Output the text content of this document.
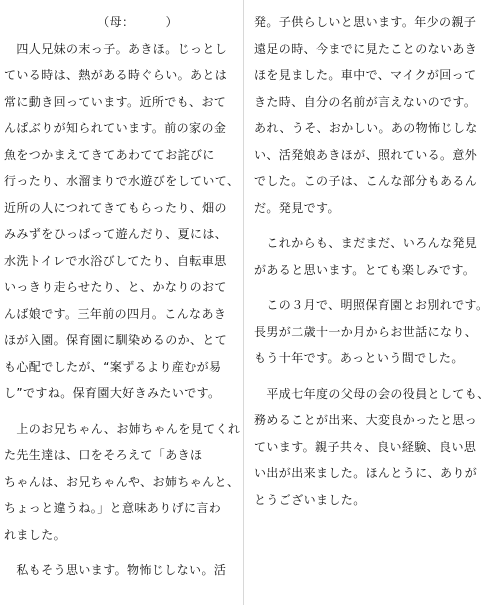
　　　　　　　　（母：　　　）
　四人兄妹の末っ子。あきほ。じっとし
ている時は、熱がある時ぐらい。あとは
常に動き回っています。近所でも、おて
んぱぶりが知られています。前の家の金
魚をつかまえてきてあわててお詫びに
行ったり、水溜まりで水遊びをしていて、
近所の人につれてきてもらったり、畑の
みみずをひっぱって遊んだり、夏には、
水洗トイレで水浴びしてたり、自転車思
いっきり走らせたり、と、かなりのおて
んば娘です。三年前の四月。こんなあき
ほが入園。保育園に馴染めるのか、とて
も心配でしたが、“案ずるより産むが易
し”ですね。保育園大好きみたいです。
　上のお兄ちゃん、お姉ちゃんを見てくれ
た先生達は、口をそろえて「あきほ
ちゃんは、お兄ちゃんや、お姉ちゃんと、
ちょっと違うね。」と意味ありげに言わ
れました。
　私もそう思います。物怖じしない。活
発。子供らしいと思います。年少の親子
遠足の時、今までに見たことのないあき
ほを見ました。車中で、マイクが回って
きた時、自分の名前が言えないのです。
あれ、うそ、おかしい。あの物怖じしな
い、活発娘あきほが、照れている。意外
でした。この子は、こんな部分もあるん
だ。発見です。
　これからも、まだまだ、いろんな発見
があると思います。とても楽しみです。
　この３月で、明照保育園とお別れです。
長男が二歳十一か月からお世話になり、
もう十年です。あっという間でした。
　平成七年度の父母の会の役員としても、
務めることが出来、大変良かったと思っ
ています。親子共々、良い経験、良い思
い出が出来ました。ほんとうに、ありが
とうございました。
